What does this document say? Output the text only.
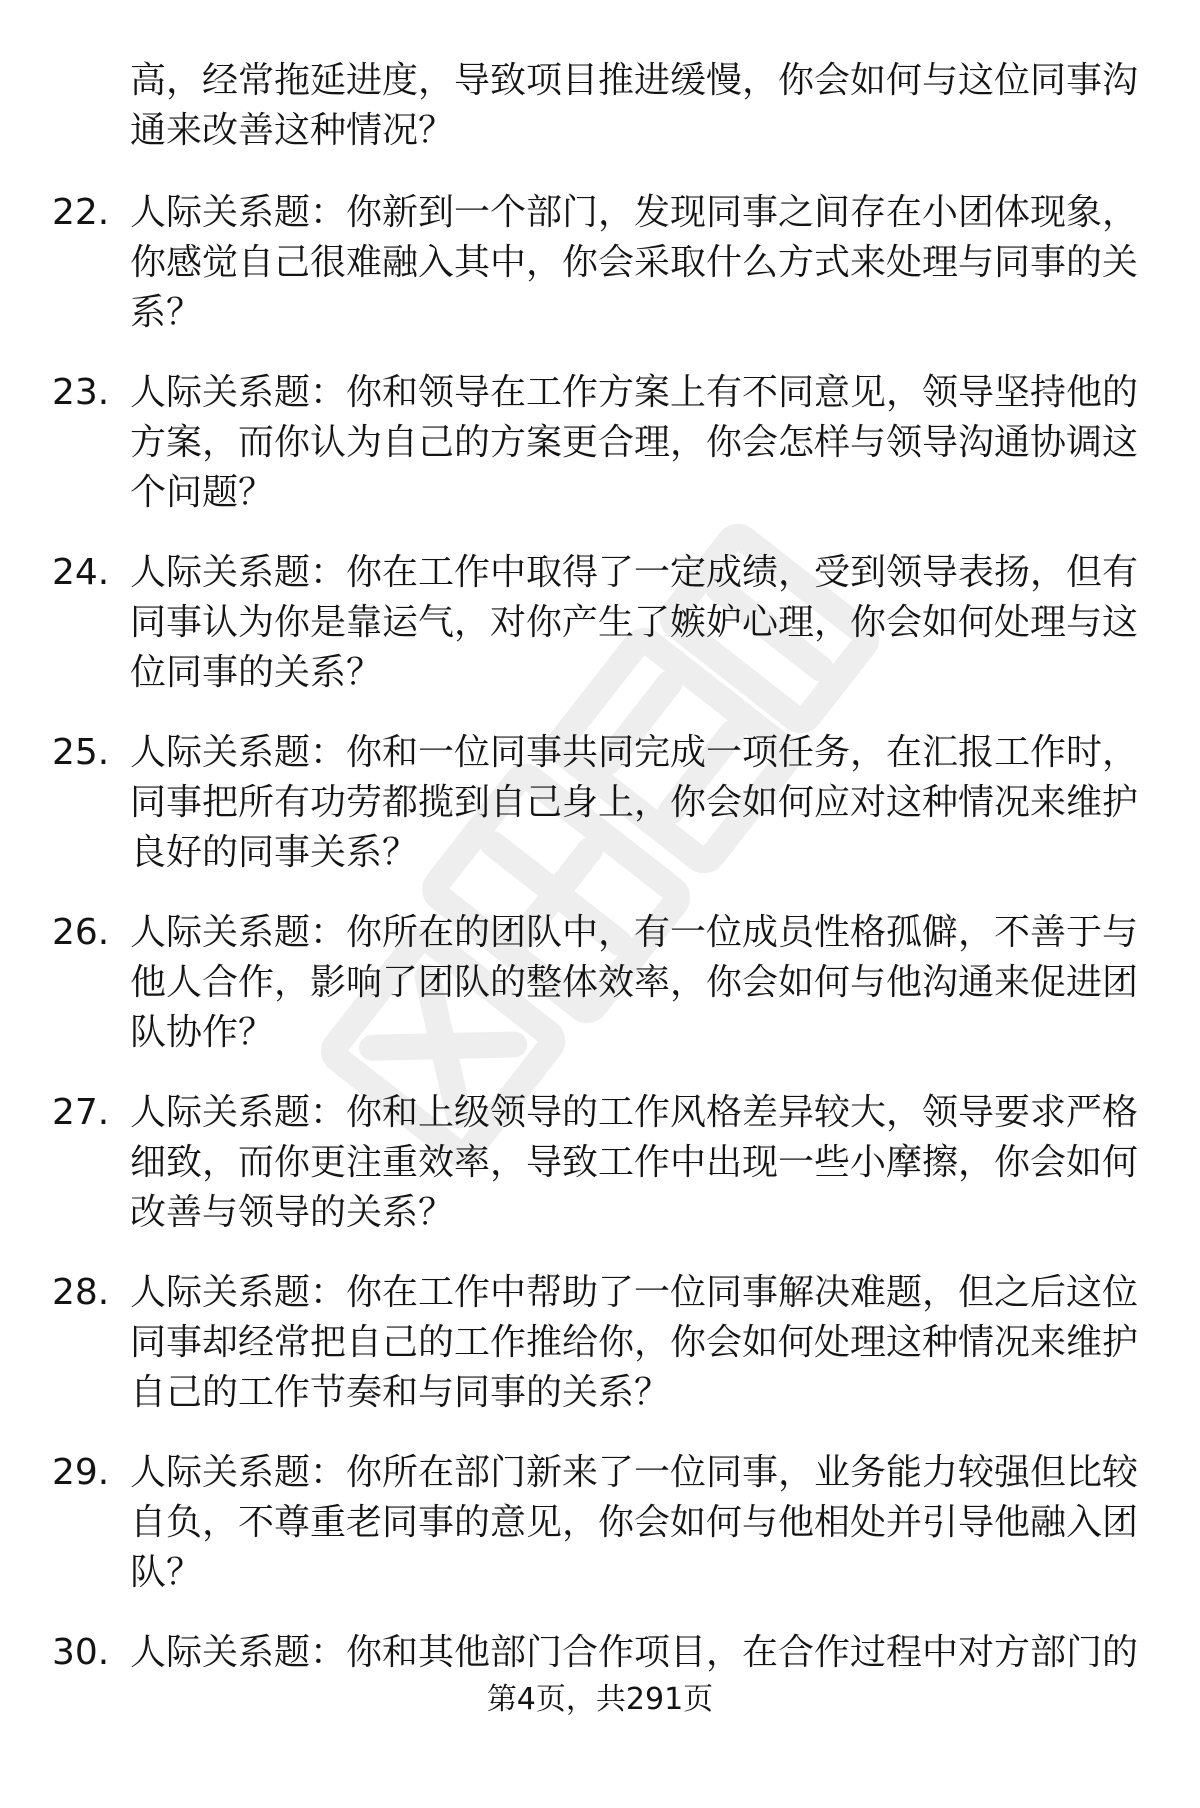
高，经常拖延进度，导致项目推进缓慢，你会如何与这位同事沟通来改善这种情况？

22. 人际关系题：你新到一个部门，发现同事之间存在小团体现象，你感觉自己很难融入其中，你会采取什么方式来处理与同事的关系？

23. 人际关系题：你和领导在工作方案上有不同意见，领导坚持他的方案，而你认为自己的方案更合理，你会怎样与领导沟通协调这个问题？

24. 人际关系题：你在工作中取得了一定成绩，受到领导表扬，但有同事认为你是靠运气，对你产生了嫉妒心理，你会如何处理与这位同事的关系？

25. 人际关系题：你和一位同事共同完成一项任务，在汇报工作时，同事把所有功劳都揽到自己身上，你会如何应对这种情况来维护良好的同事关系？

26. 人际关系题：你所在的团队中，有一位成员性格孤僻，不善于与他人合作，影响了团队的整体效率，你会如何与他沟通来促进团队协作？

27. 人际关系题：你和上级领导的工作风格差异较大，领导要求严格细致，而你更注重效率，导致工作中出现一些小摩擦，你会如何改善与领导的关系？

28. 人际关系题：你在工作中帮助了一位同事解决难题，但之后这位同事却经常把自己的工作推给你，你会如何处理这种情况来维护自己的工作节奏和与同事的关系？

29. 人际关系题：你所在部门新来了一位同事，业务能力较强但比较自负，不尊重老同事的意见，你会如何与他相处并引导他融入团队？

30. 人际关系题：你和其他部门合作项目，在合作过程中对方部门的

第4页，共291页
